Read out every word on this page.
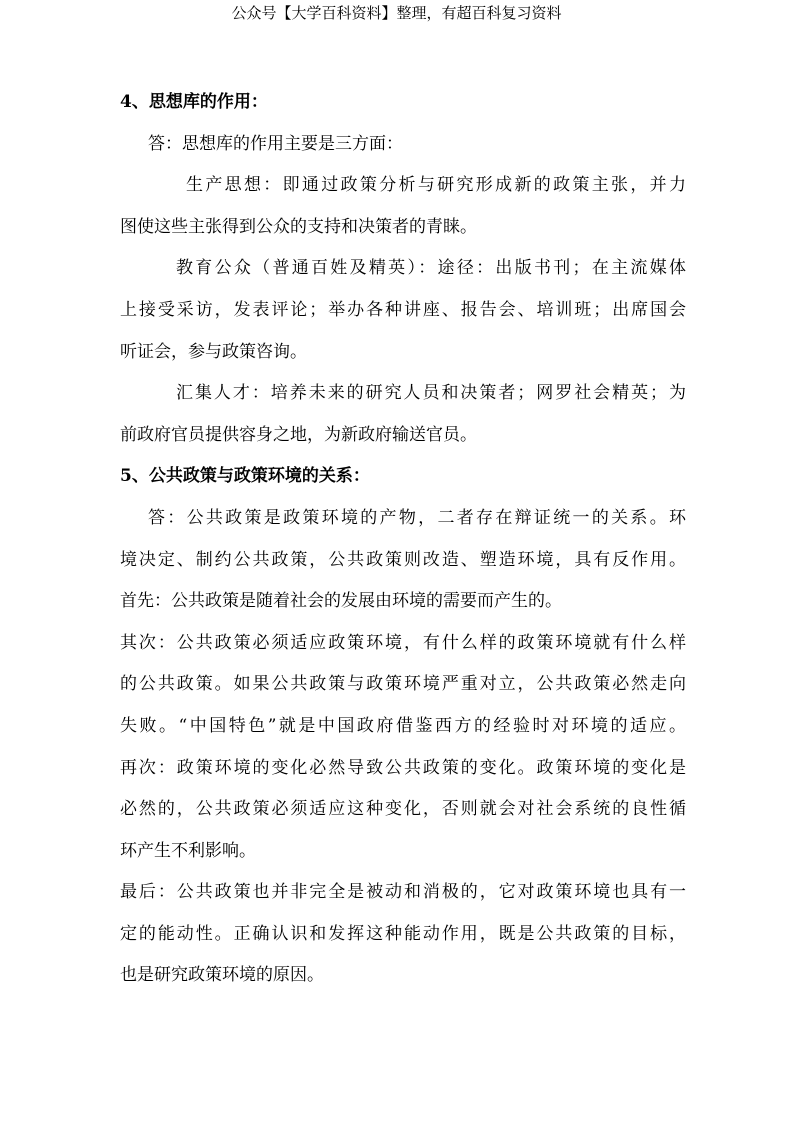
公众号【大学百科资料】整理，有超百科复习资料
4、思想库的作用：
答：思想库的作用主要是三方面：
生产思想：即通过政策分析与研究形成新的政策主张，并力
图使这些主张得到公众的支持和决策者的青睐。
教育公众（普通百姓及精英）：途径：出版书刊；在主流媒体
上接受采访，发表评论；举办各种讲座、报告会、培训班；出席国会
听证会，参与政策咨询。
汇集人才：培养未来的研究人员和决策者；网罗社会精英；为
前政府官员提供容身之地，为新政府输送官员。
5、公共政策与政策环境的关系：
答：公共政策是政策环境的产物，二者存在辩证统一的关系。环
境决定、制约公共政策，公共政策则改造、塑造环境，具有反作用。
首先：公共政策是随着社会的发展由环境的需要而产生的。
其次：公共政策必须适应政策环境，有什么样的政策环境就有什么样
的公共政策。如果公共政策与政策环境严重对立，公共政策必然走向
失败。“中国特色”就是中国政府借鉴西方的经验时对环境的适应。
再次：政策环境的变化必然导致公共政策的变化。政策环境的变化是
必然的，公共政策必须适应这种变化，否则就会对社会系统的良性循
环产生不利影响。
最后：公共政策也并非完全是被动和消极的，它对政策环境也具有一
定的能动性。正确认识和发挥这种能动作用，既是公共政策的目标，
也是研究政策环境的原因。
